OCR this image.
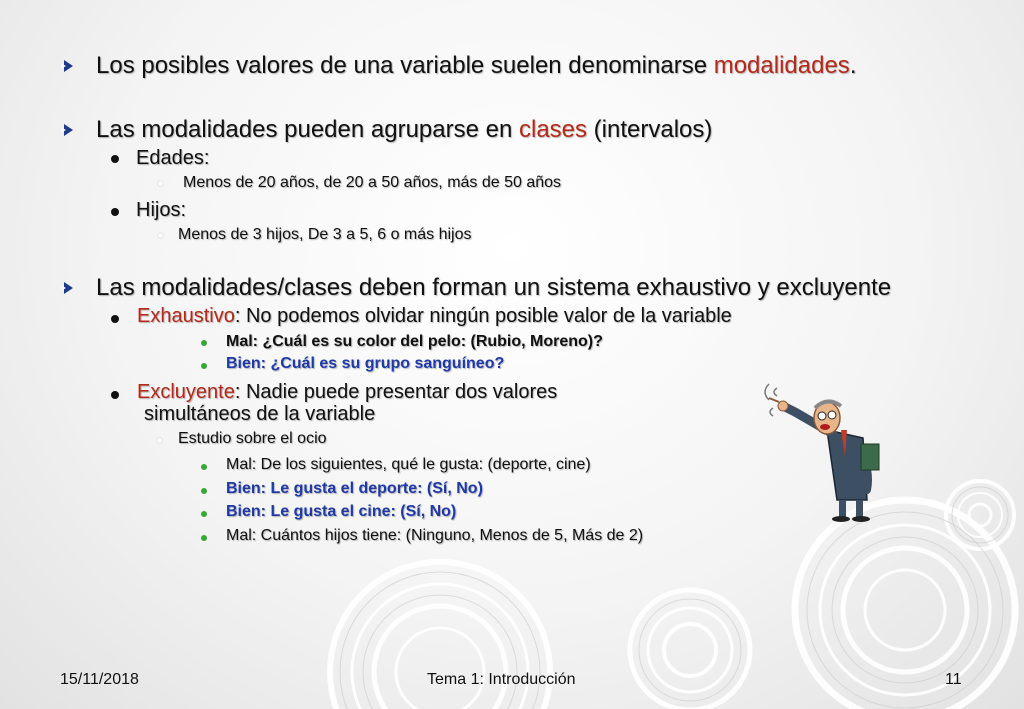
Los posibles valores de una variable suelen denominarse modalidades.
Las modalidades pueden agruparse en clases (intervalos)
Edades:
Menos de 20 años, de 20 a 50 años, más de 50 años
Hijos:
Menos de 3 hijos, De 3 a 5, 6 o más hijos
Las modalidades/clases deben forman un sistema exhaustivo y excluyente
Exhaustivo: No podemos olvidar ningún posible valor de la variable
Mal: ¿Cuál es su color del pelo: (Rubio, Moreno)?
Bien: ¿Cuál es su grupo sanguíneo?
Excluyente: Nadie puede presentar dos valores
simultáneos de la variable
Estudio sobre el ocio
Mal: De los siguientes, qué le gusta: (deporte, cine)
Bien: Le gusta el deporte: (Sí, No)
Bien: Le gusta el cine: (Sí, No)
Mal: Cuántos hijos tiene: (Ninguno, Menos de 5, Más de 2)
15/11/2018	Tema 1: Introducción	11
